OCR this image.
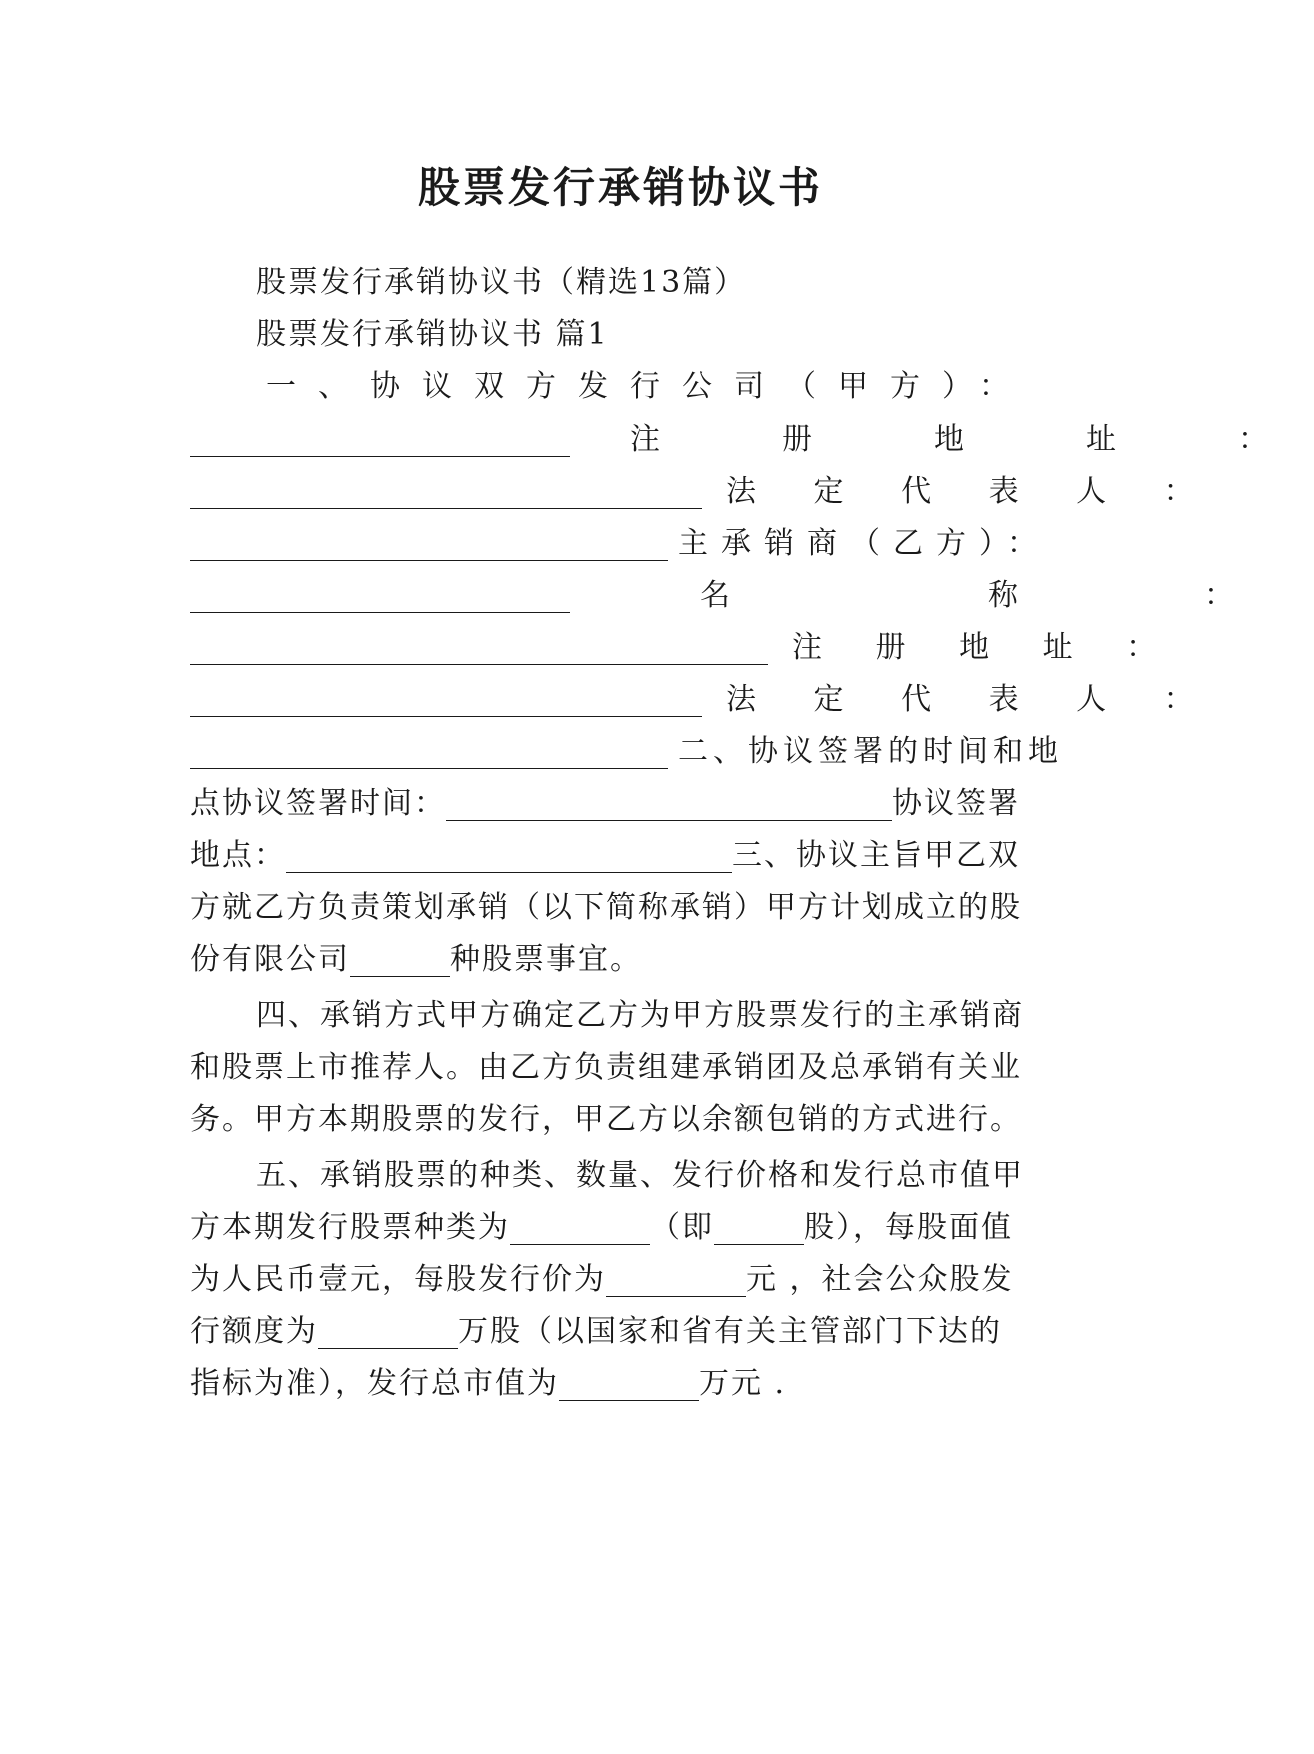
股票发行承销协议书
股票发行承销协议书（精选13篇）
股票发行承销协议书 篇1
一、协议双方发行公司（甲方）：
注　册　地　址　：
法 定 代 表 人 ：
主承销商（乙方）：
名　　　称　　：
注 册 地 址 ：
法 定 代 表 人 ：
二、协议签署的时间和地
点协议签署时间：	协议签署
地点：	三、协议主旨甲乙双
方就乙方负责策划承销（以下简称承销）甲方计划成立的股
份有限公司	种股票事宜。
四、承销方式甲方确定乙方为甲方股票发行的主承销商
和股票上市推荐人。由乙方负责组建承销团及总承销有关业
务。甲方本期股票的发行，甲乙方以余额包销的方式进行。
五、承销股票的种类、数量、发行价格和发行总市值甲
方本期发行股票种类为	（即	股），每股面值
为人民币壹元，每股发行价为	元 ，社会公众股发
行额度为	万股（以国家和省有关主管部门下达的
指标为准），发行总市值为	万元 .
